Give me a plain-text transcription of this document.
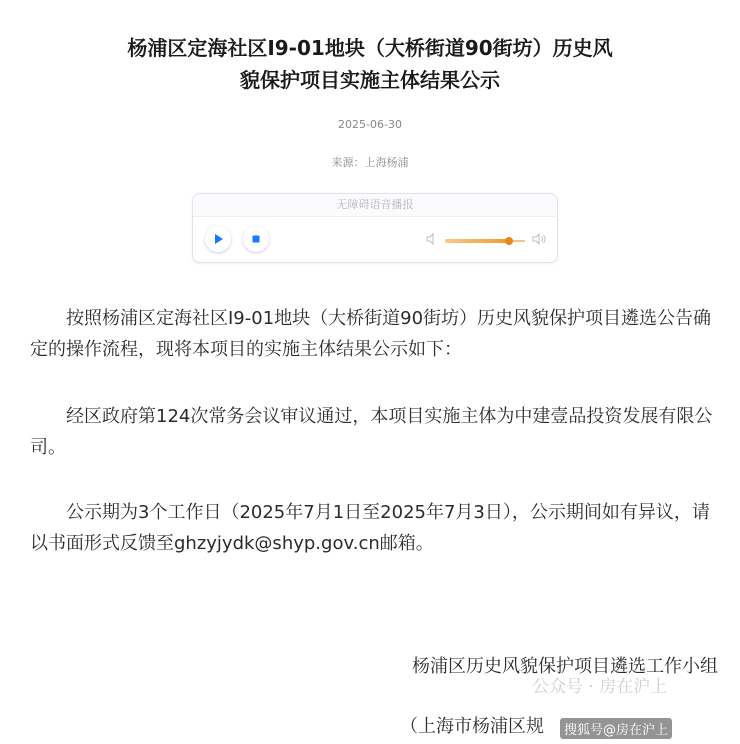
杨浦区定海社区I9-01地块（大桥街道90街坊）历史风
貌保护项目实施主体结果公示
2025-06-30
来源：上海杨浦
无障碍语音播报

按照杨浦区定海社区I9-01地块（大桥街道90街坊）历史风貌保护项目遴选公告确定的操作流程，现将本项目的实施主体结果公示如下：

经区政府第124次常务会议审议通过，本项目实施主体为中建壹品投资发展有限公司。

公示期为3个工作日（2025年7月1日至2025年7月3日），公示期间如有异议，请以书面形式反馈至ghzyjydk@shyp.gov.cn邮箱。

杨浦区历史风貌保护项目遴选工作小组
（上海市杨浦区规
公众号 · 房在沪上
搜狐号@房在沪上
